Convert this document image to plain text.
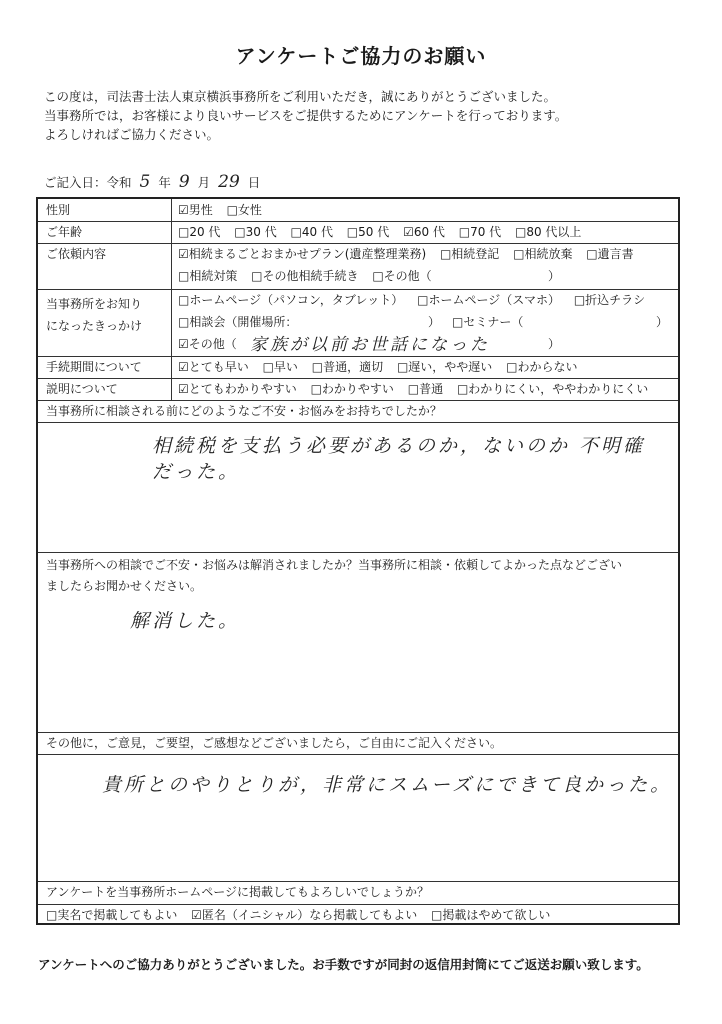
アンケートご協力のお願い
この度は，司法書士法人東京横浜事務所をご利用いただき，誠にありがとうございました。
当事務所では，お客様により良いサービスをご提供するためにアンケートを行っております。
よろしければご協力ください。
ご記入日：令和 5 年 9 月 29 日
性別	☑男性 □女性
ご年齢	□20 代 □30 代 □40 代 □50 代 ☑60 代 □70 代 □80 代以上
ご依頼内容	☑相続まるごとおまかせプラン(遺産整理業務) □相続登記 □相続放棄 □遺言書
□相続対策 □その他相続手続き □その他（	）
当事務所をお知り
になったきっかけ
□ホームページ（パソコン，タブレット） □ホームページ（スマホ） □折込チラシ
□相談会（開催場所：	） □セミナー（	）
☑その他（ 家族が以前お世話になった	）
手続期間について	☑とても早い □早い □普通，適切 □遅い，やや遅い □わからない
説明について	☑とてもわかりやすい □わかりやすい □普通 □わかりにくい，ややわかりにくい
当事務所に相談される前にどのようなご不安・お悩みをお持ちでしたか？
相続税を支払う必要があるのか，ないのか 不明確
だった。
当事務所への相談でご不安・お悩みは解消されましたか？当事務所に相談・依頼してよかった点などござい
ましたらお聞かせください。
解消した。
その他に，ご意見，ご要望，ご感想などございましたら，ご自由にご記入ください。
貴所とのやりとりが，非常にスムーズにできて良かった。
アンケートを当事務所ホームページに掲載してもよろしいでしょうか？
□実名で掲載してもよい ☑匿名（イニシャル）なら掲載してもよい □掲載はやめて欲しい
アンケートへのご協力ありがとうございました。お手数ですが同封の返信用封筒にてご返送お願い致します。
